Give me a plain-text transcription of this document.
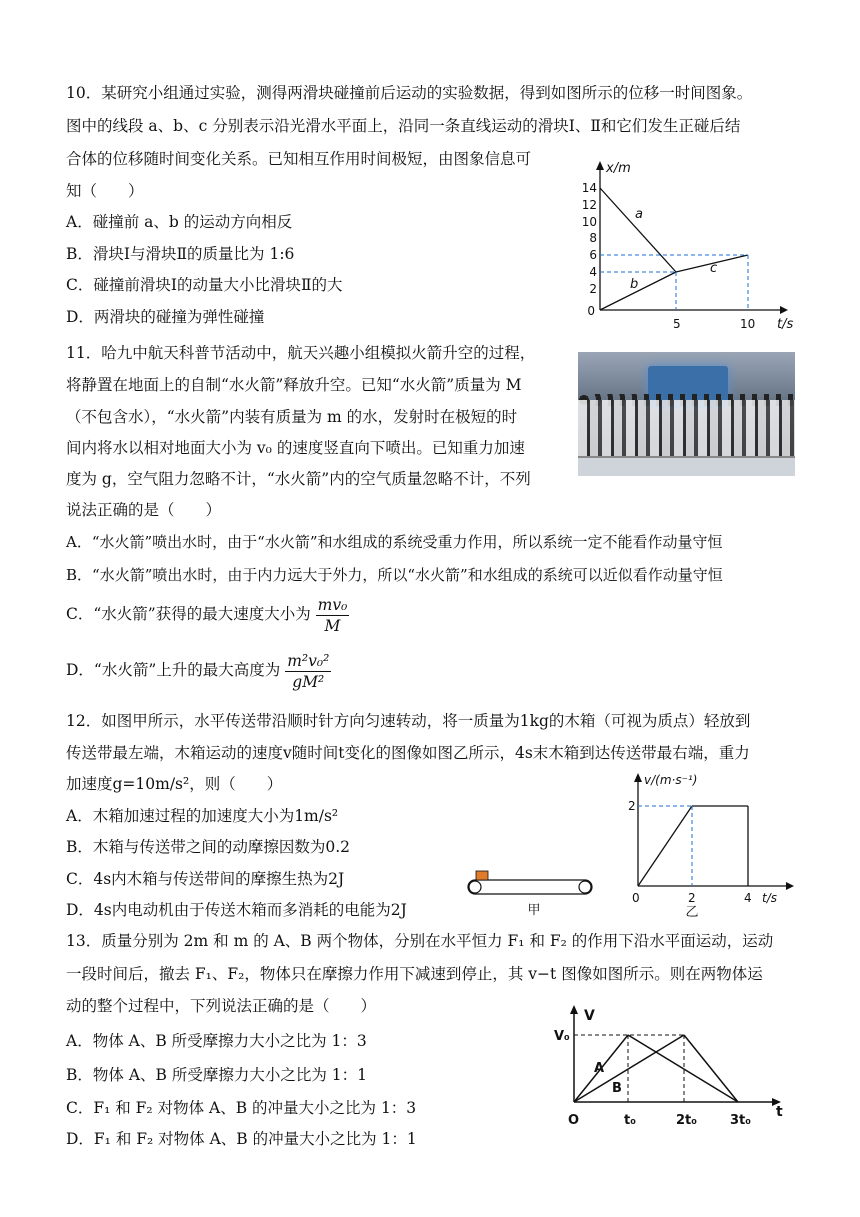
10．某研究小组通过实验，测得两滑块碰撞前后运动的实验数据，得到如图所示的位移一时间图象。
图中的线段 a、b、c 分别表示沿光滑水平面上，沿同一条直线运动的滑块Ⅰ、Ⅱ和它们发生正碰后结
合体的位移随时间变化关系。已知相互作用时间极短，由图象信息可
知（　　）
A．碰撞前 a、b 的运动方向相反
B．滑块Ⅰ与滑块Ⅱ的质量比为 1:6
C．碰撞前滑块Ⅰ的动量大小比滑块Ⅱ的大
D．两滑块的碰撞为弹性碰撞
x/m
t/s
14
12
10
8
6
4
2
0
5	10
a
b
c
11．哈九中航天科普节活动中，航天兴趣小组模拟火箭升空的过程，
将静置在地面上的自制“水火箭”释放升空。已知“水火箭”质量为 M
（不包含水），“水火箭”内装有质量为 m 的水，发射时在极短的时
间内将水以相对地面大小为 v₀ 的速度竖直向下喷出。已知重力加速
度为 g，空气阻力忽略不计，“水火箭”内的空气质量忽略不计，不列
说法正确的是（　　）
A．“水火箭”喷出水时，由于“水火箭”和水组成的系统受重力作用，所以系统一定不能看作动量守恒
B．“水火箭”喷出水时，由于内力远大于外力，所以“水火箭”和水组成的系统可以近似看作动量守恒
C．“水火箭”获得的最大速度大小为 $\frac{\text{mv₀}}{M}$
D．“水火箭”上升的最大高度为 $\frac{\text{m²v₀²}}{\text{gM²}}$
12．如图甲所示，水平传送带沿顺时针方向匀速转动，将一质量为1kg的木箱（可视为质点）轻放到
传送带最左端，木箱运动的速度v随时间t变化的图像如图乙所示，4s末木箱到达传送带最右端，重力
加速度g=10m/s²，则（　　）
A．木箱加速过程的加速度大小为1m/s²
B．木箱与传送带之间的动摩擦因数为0.2
C．4s内木箱与传送带间的摩擦生热为2J
D．4s内电动机由于传送木箱而多消耗的电能为2J	甲
v/(m·s⁻¹)
t/s
2
0	2	4
乙
13．质量分别为 2m 和 m 的 A、B 两个物体，分别在水平恒力 F₁ 和 F₂ 的作用下沿水平面运动，运动
一段时间后，撤去 F₁、F₂，物体只在摩擦力作用下减速到停止，其 v−t 图像如图所示。则在两物体运
动的整个过程中，下列说法正确的是（　　）
A．物体 A、B 所受摩擦力大小之比为 1：3
B．物体 A、B 所受摩擦力大小之比为 1：1
C．F₁ 和 F₂ 对物体 A、B 的冲量大小之比为 1：3
D．F₁ 和 F₂ 对物体 A、B 的冲量大小之比为 1：1
V
t
V₀
O	t₀	2t₀	3t₀
A
B
